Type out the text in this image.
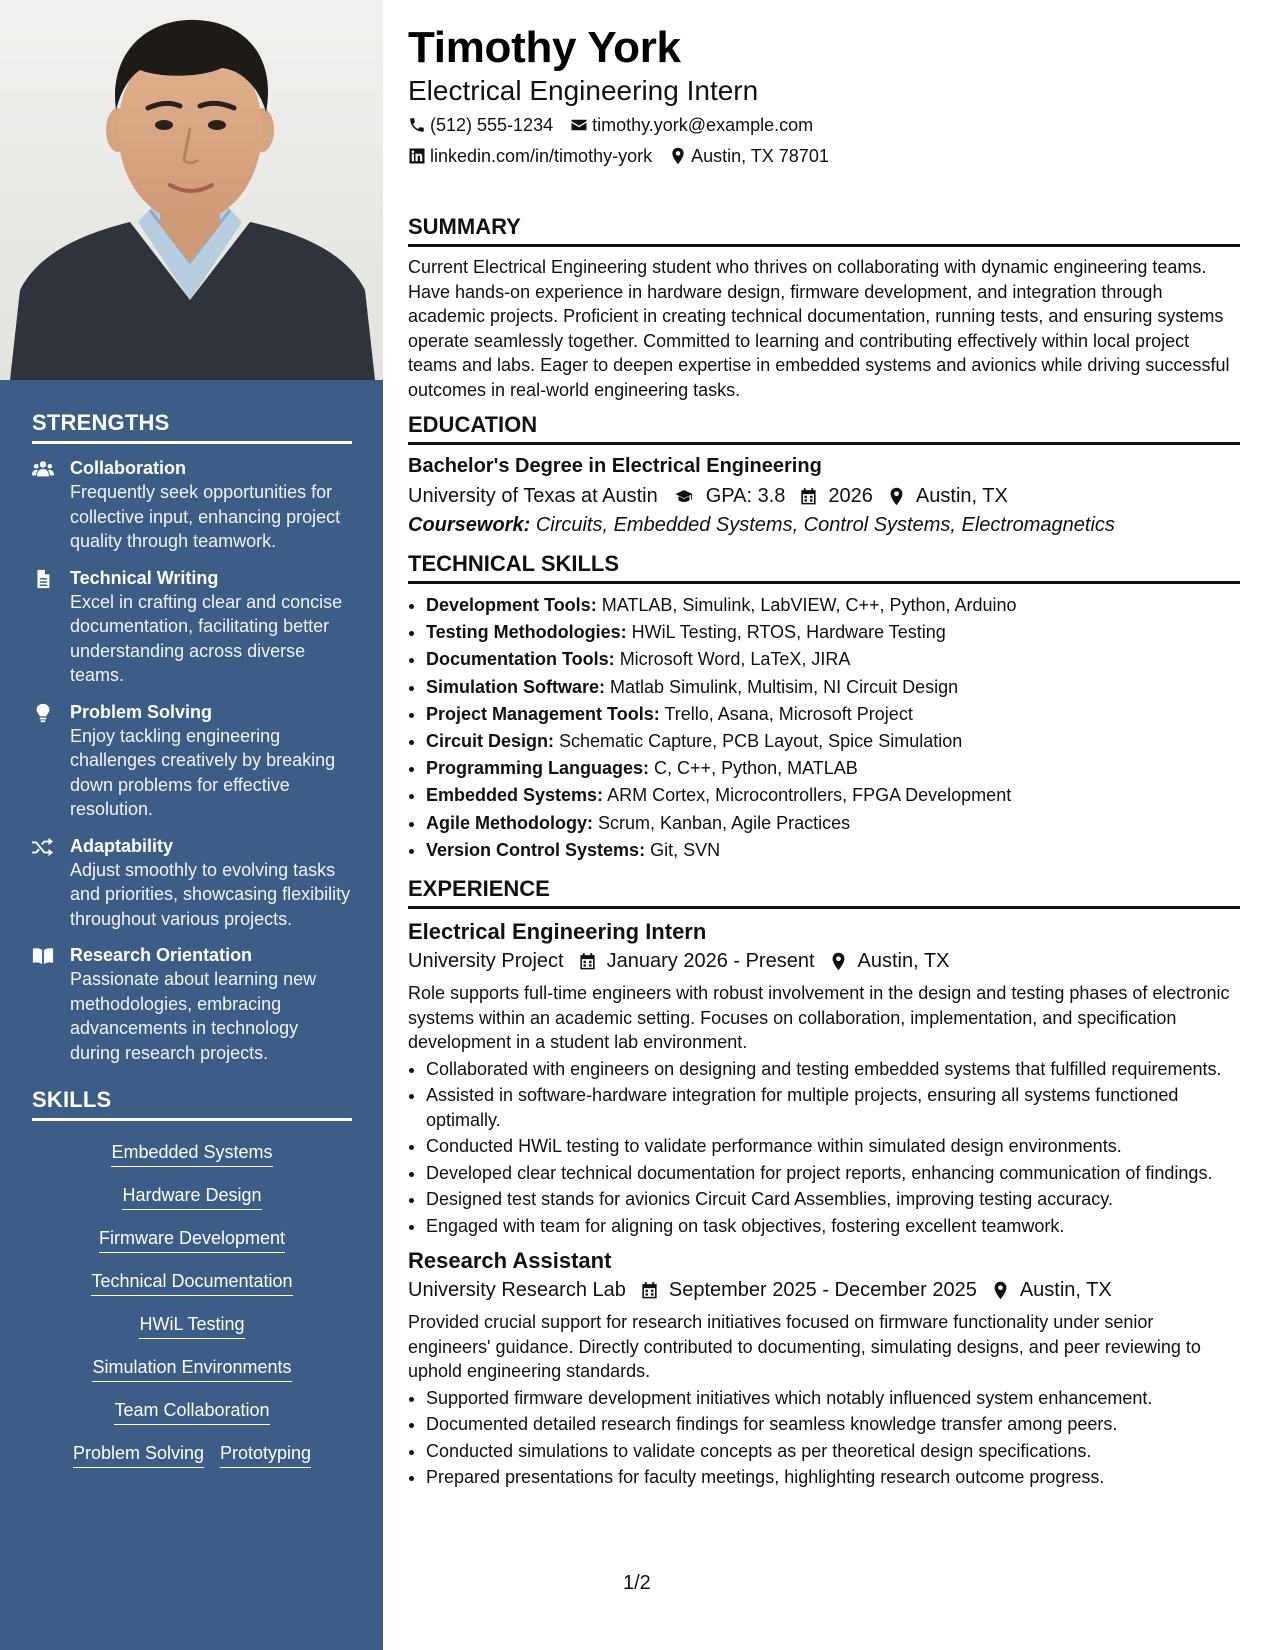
STRENGTHS
Collaboration
Frequently seek opportunities for collective input, enhancing project quality through teamwork.
Technical Writing
Excel in crafting clear and concise documentation, facilitating better understanding across diverse teams.
Problem Solving
Enjoy tackling engineering challenges creatively by breaking down problems for effective resolution.
Adaptability
Adjust smoothly to evolving tasks and priorities, showcasing flexibility throughout various projects.
Research Orientation
Passionate about learning new methodologies, embracing advancements in technology during research projects.
SKILLS
Embedded Systems
Hardware Design
Firmware Development
Technical Documentation
HWiL Testing
Simulation Environments
Team Collaboration
Problem Solving Prototyping
Timothy York
Electrical Engineering Intern
(512) 555-1234 timothy.york@example.com
linkedin.com/in/timothy-york Austin, TX 78701
SUMMARY
Current Electrical Engineering student who thrives on collaborating with dynamic engineering teams. Have hands-on experience in hardware design, firmware development, and integration through academic projects. Proficient in creating technical documentation, running tests, and ensuring systems operate seamlessly together. Committed to learning and contributing effectively within local project teams and labs. Eager to deepen expertise in embedded systems and avionics while driving successful outcomes in real-world engineering tasks.
EDUCATION
Bachelor's Degree in Electrical Engineering
University of Texas at Austin GPA: 3.8 2026 Austin, TX
Coursework: Circuits, Embedded Systems, Control Systems, Electromagnetics
TECHNICAL SKILLS
• Development Tools: MATLAB, Simulink, LabVIEW, C++, Python, Arduino
• Testing Methodologies: HWiL Testing, RTOS, Hardware Testing
• Documentation Tools: Microsoft Word, LaTeX, JIRA
• Simulation Software: Matlab Simulink, Multisim, NI Circuit Design
• Project Management Tools: Trello, Asana, Microsoft Project
• Circuit Design: Schematic Capture, PCB Layout, Spice Simulation
• Programming Languages: C, C++, Python, MATLAB
• Embedded Systems: ARM Cortex, Microcontrollers, FPGA Development
• Agile Methodology: Scrum, Kanban, Agile Practices
• Version Control Systems: Git, SVN
EXPERIENCE
Electrical Engineering Intern
University Project January 2026 - Present Austin, TX
Role supports full-time engineers with robust involvement in the design and testing phases of electronic systems within an academic setting. Focuses on collaboration, implementation, and specification development in a student lab environment.
• Collaborated with engineers on designing and testing embedded systems that fulfilled requirements.
• Assisted in software-hardware integration for multiple projects, ensuring all systems functioned optimally.
• Conducted HWiL testing to validate performance within simulated design environments.
• Developed clear technical documentation for project reports, enhancing communication of findings.
• Designed test stands for avionics Circuit Card Assemblies, improving testing accuracy.
• Engaged with team for aligning on task objectives, fostering excellent teamwork.
Research Assistant
University Research Lab September 2025 - December 2025 Austin, TX
Provided crucial support for research initiatives focused on firmware functionality under senior engineers' guidance. Directly contributed to documenting, simulating designs, and peer reviewing to uphold engineering standards.
• Supported firmware development initiatives which notably influenced system enhancement.
• Documented detailed research findings for seamless knowledge transfer among peers.
• Conducted simulations to validate concepts as per theoretical design specifications.
• Prepared presentations for faculty meetings, highlighting research outcome progress.
1/2
